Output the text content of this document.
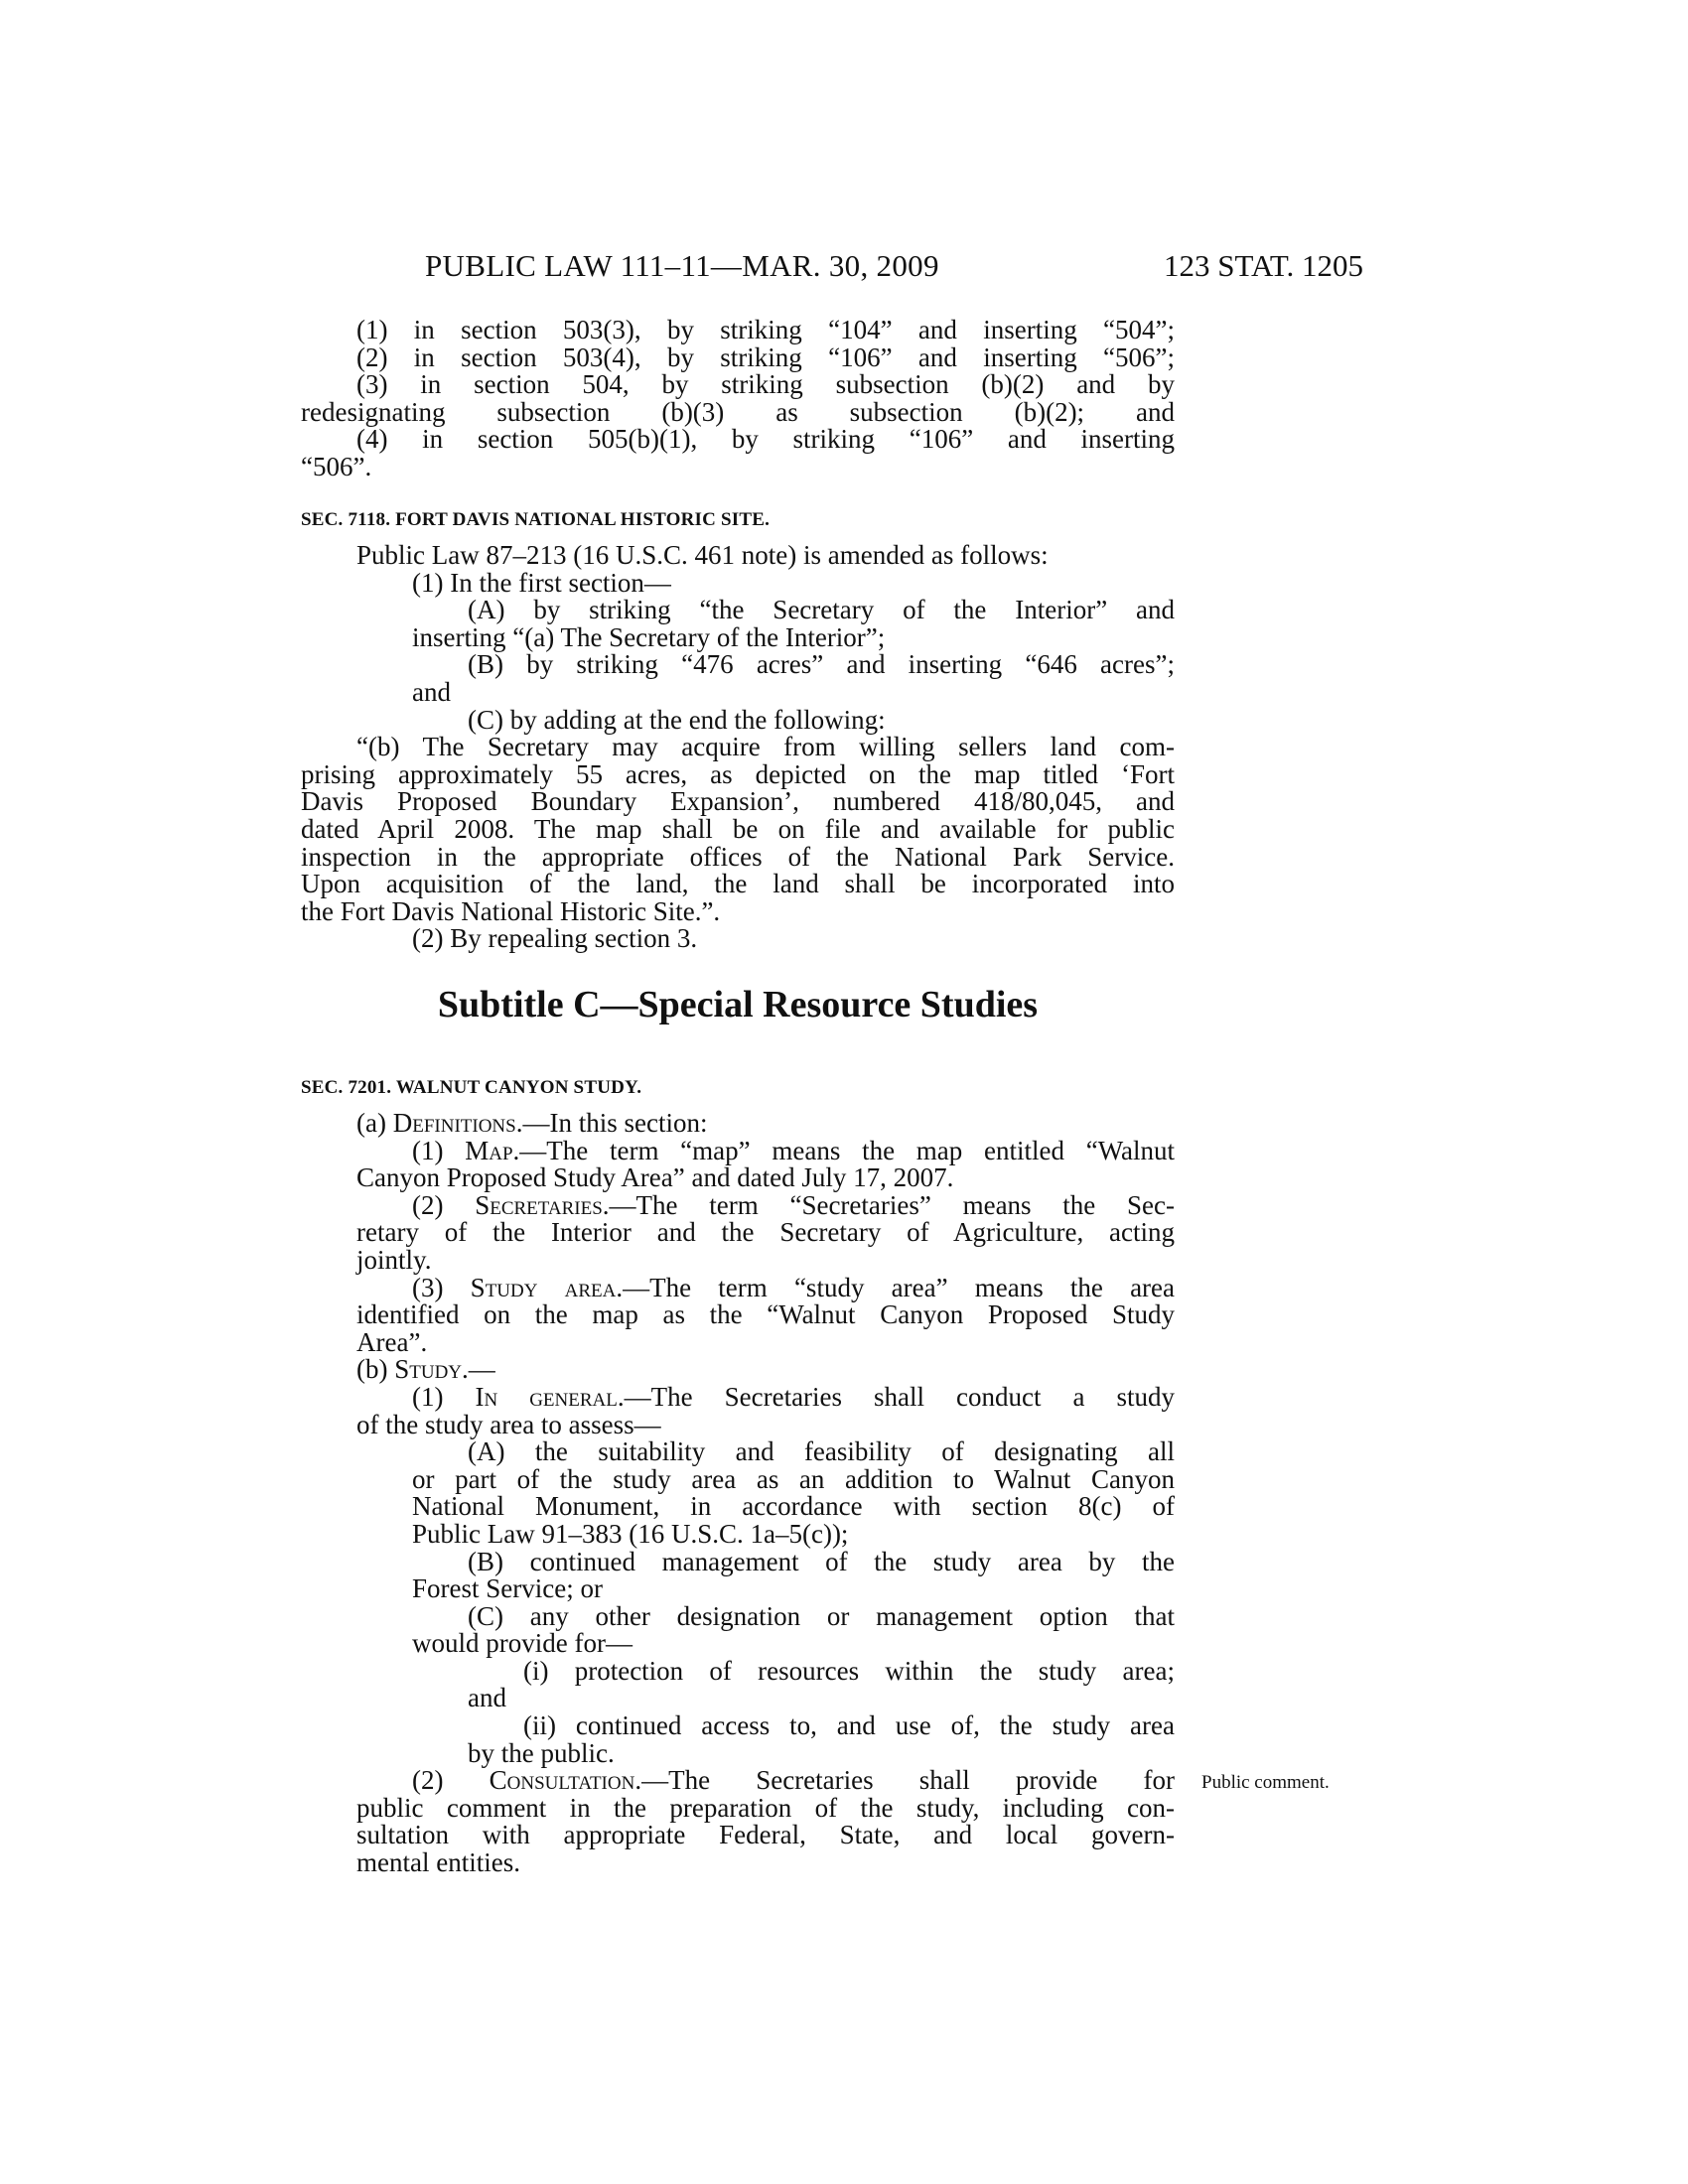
PUBLIC LAW 111–11—MAR. 30, 2009	123 STAT. 1205
(1) in section 503(3), by striking “104” and inserting “504”;
(2) in section 503(4), by striking “106” and inserting “506”;
(3) in section 504, by striking subsection (b)(2) and by
redesignating subsection (b)(3) as subsection (b)(2); and
(4) in section 505(b)(1), by striking “106” and inserting
“506”.
SEC. 7118. FORT DAVIS NATIONAL HISTORIC SITE.
Public Law 87–213 (16 U.S.C. 461 note) is amended as follows:
(1) In the first section—
(A) by striking “the Secretary of the Interior” and
inserting “(a) The Secretary of the Interior”;
(B) by striking “476 acres” and inserting “646 acres”;
and
(C) by adding at the end the following:
“(b) The Secretary may acquire from willing sellers land com-
prising approximately 55 acres, as depicted on the map titled ‘Fort
Davis Proposed Boundary Expansion’, numbered 418/80,045, and
dated April 2008. The map shall be on file and available for public
inspection in the appropriate offices of the National Park Service.
Upon acquisition of the land, the land shall be incorporated into
the Fort Davis National Historic Site.”.
(2) By repealing section 3.
Subtitle C—Special Resource Studies
SEC. 7201. WALNUT CANYON STUDY.
(a) Definitions.—In this section:
(1) Map.—The term “map” means the map entitled “Walnut
Canyon Proposed Study Area” and dated July 17, 2007.
(2) Secretaries.—The term “Secretaries” means the Sec-
retary of the Interior and the Secretary of Agriculture, acting
jointly.
(3) Study area.—The term “study area” means the area
identified on the map as the “Walnut Canyon Proposed Study
Area”.
(b) Study.—
(1) In general.—The Secretaries shall conduct a study
of the study area to assess—
(A) the suitability and feasibility of designating all
or part of the study area as an addition to Walnut Canyon
National Monument, in accordance with section 8(c) of
Public Law 91–383 (16 U.S.C. 1a–5(c));
(B) continued management of the study area by the
Forest Service; or
(C) any other designation or management option that
would provide for—
(i) protection of resources within the study area;
and
(ii) continued access to, and use of, the study area
by the public.
(2) Consultation.—The Secretaries shall provide for
public comment in the preparation of the study, including con-
sultation with appropriate Federal, State, and local govern-
mental entities.
Public comment.
